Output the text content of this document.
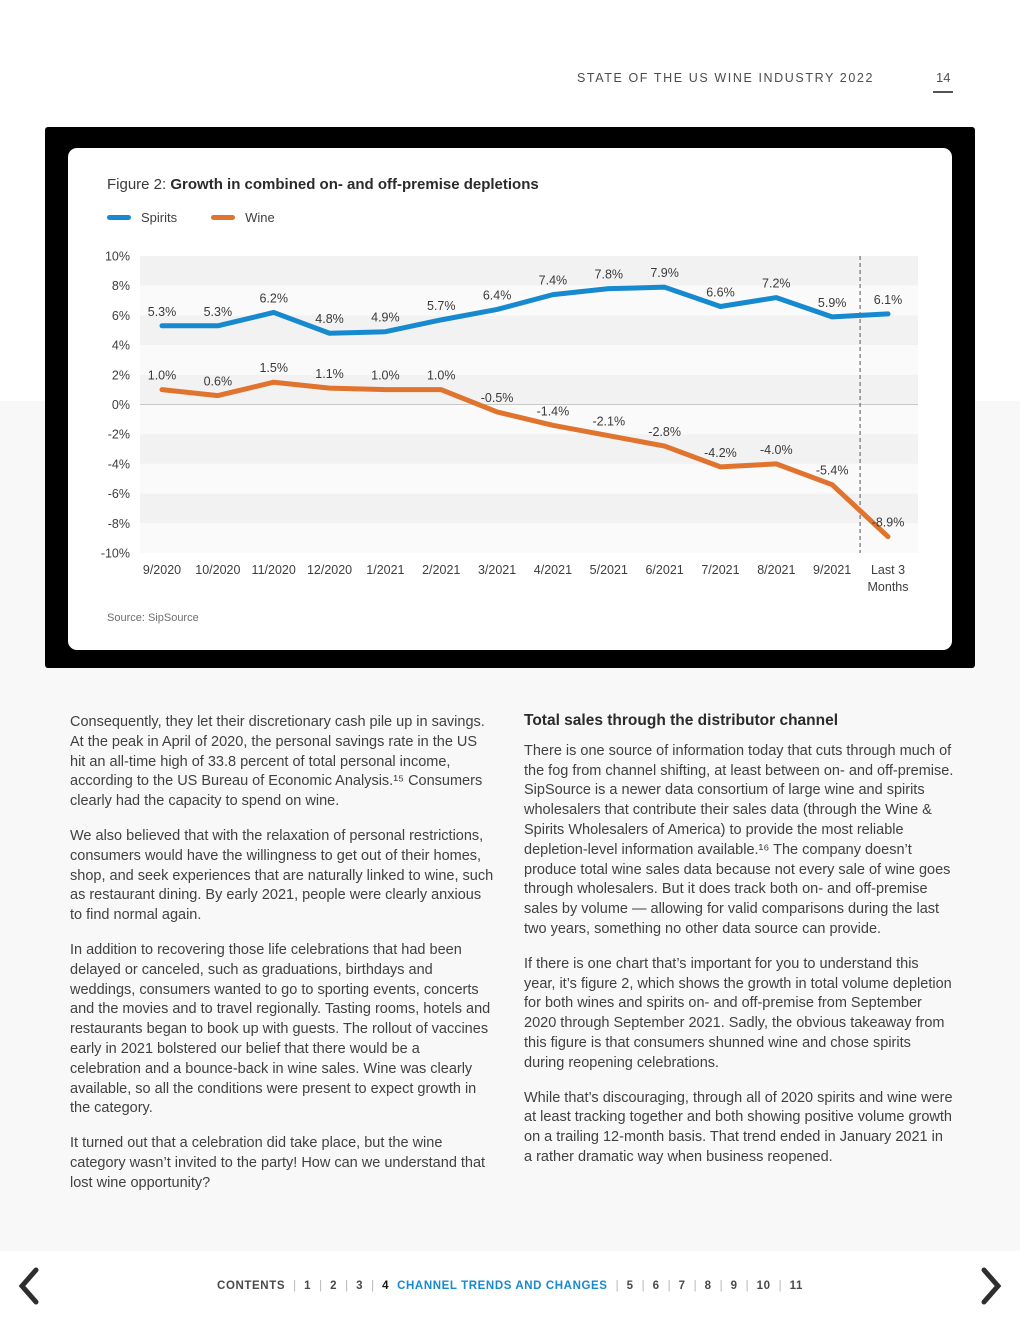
STATE OF THE US WINE INDUSTRY 2022	14
Figure 2: Growth in combined on- and off-premise depletions
Spirits	Wine
10%
8%
6%
4%
2%
0%
-2%
-4%
-6%
-8%
-10%
9/2020 10/2020 11/2020 12/2020 1/2021 2/2021 3/2021 4/2021 5/2021 6/2021 7/2021 8/2021 9/2021 Last 3
Months
5.3% 5.3%
6.2%
4.8% 4.9%
5.7%
6.4%
7.4% 7.8% 7.9%
6.6%
7.2%
5.9% 6.1%
1.0% 0.6%
1.5% 1.1% 1.0% 1.0%
-0.5%
-1.4%
-2.1%
-2.8%
-4.2% -4.0%
-5.4%
-8.9%
Source: SipSource

Consequently, they let their discretionary cash pile up in savings. At the peak in April of 2020, the personal savings rate in the US hit an all-time high of 33.8 percent of total personal income, according to the US Bureau of Economic Analysis.¹⁵ Consumers clearly had the capacity to spend on wine.

We also believed that with the relaxation of personal restrictions, consumers would have the willingness to get out of their homes, shop, and seek experiences that are naturally linked to wine, such as restaurant dining. By early 2021, people were clearly anxious to find normal again.

In addition to recovering those life celebrations that had been delayed or canceled, such as graduations, birthdays and weddings, consumers wanted to go to sporting events, concerts and the movies and to travel regionally. Tasting rooms, hotels and restaurants began to book up with guests. The rollout of vaccines early in 2021 bolstered our belief that there would be a celebration and a bounce-back in wine sales. Wine was clearly available, so all the conditions were present to expect growth in the category.

It turned out that a celebration did take place, but the wine category wasn’t invited to the party! How can we understand that lost wine opportunity?

Total sales through the distributor channel

There is one source of information today that cuts through much of the fog from channel shifting, at least between on- and off-premise. SipSource is a newer data consortium of large wine and spirits wholesalers that contribute their sales data (through the Wine & Spirits Wholesalers of America) to provide the most reliable depletion-level information available.¹⁶ The company doesn’t produce total wine sales data because not every sale of wine goes through wholesalers. But it does track both on- and off-premise sales by volume — allowing for valid comparisons during the last two years, something no other data source can provide.

If there is one chart that’s important for you to understand this year, it’s figure 2, which shows the growth in total volume depletion for both wines and spirits on- and off-premise from September 2020 through September 2021. Sadly, the obvious takeaway from this figure is that consumers shunned wine and chose spirits during reopening celebrations.

While that’s discouraging, through all of 2020 spirits and wine were at least tracking together and both showing positive volume growth on a trailing 12-month basis. That trend ended in January 2021 in a rather dramatic way when business reopened.

CONTENTS | 1 | 2 | 3 | 4 CHANNEL TRENDS AND CHANGES | 5 | 6 | 7 | 8 | 9 | 10 | 11
